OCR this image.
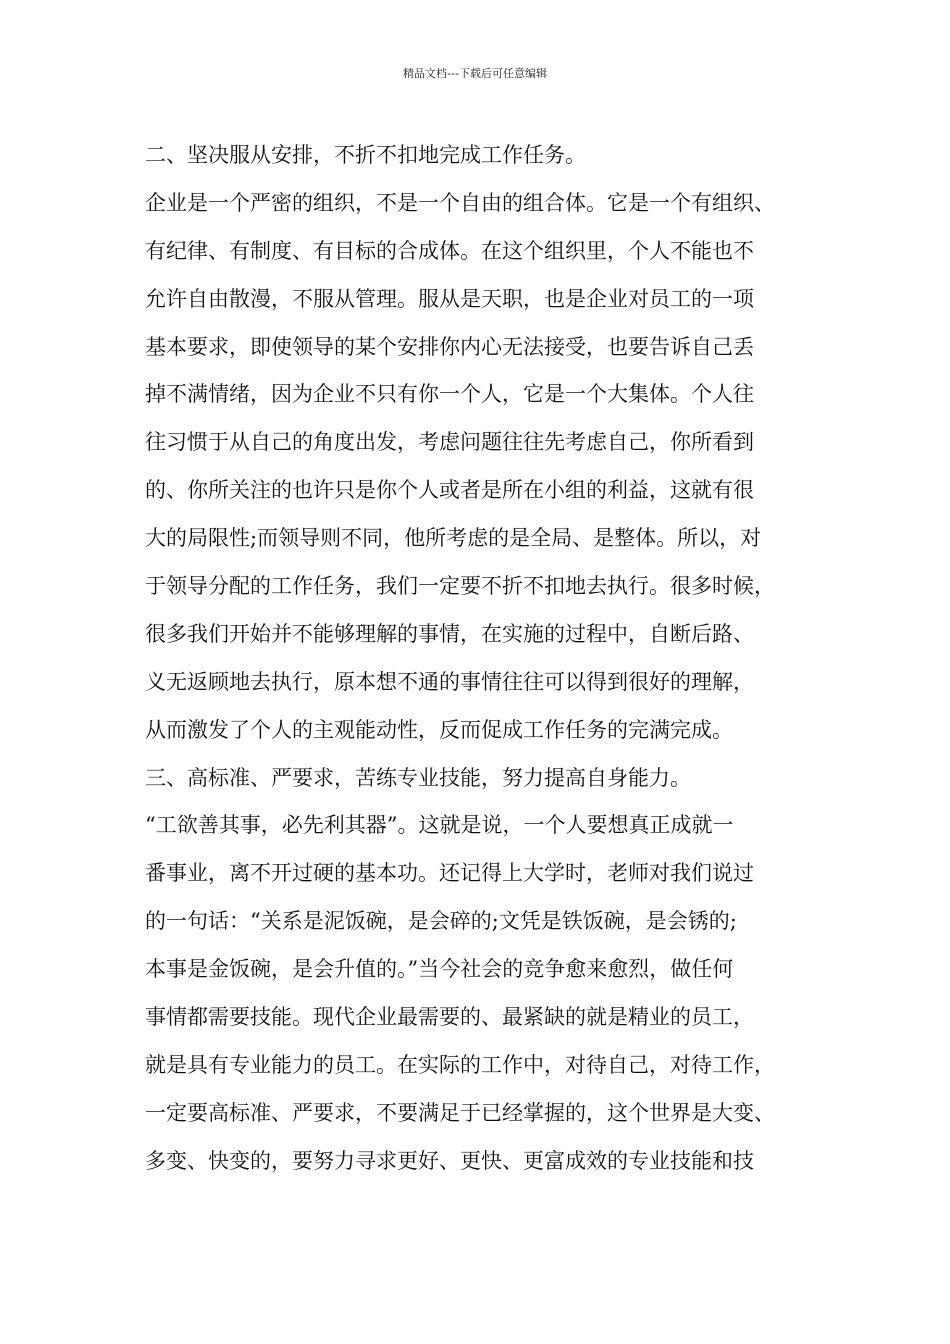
精品文档---下载后可任意编辑
二、坚决服从安排，不折不扣地完成工作任务。
企业是一个严密的组织，不是一个自由的组合体。它是一个有组织、
有纪律、有制度、有目标的合成体。在这个组织里，个人不能也不
允许自由散漫，不服从管理。服从是天职，也是企业对员工的一项
基本要求，即使领导的某个安排你内心无法接受，也要告诉自己丢
掉不满情绪，因为企业不只有你一个人，它是一个大集体。个人往
往习惯于从自己的角度出发，考虑问题往往先考虑自己，你所看到
的、你所关注的也许只是你个人或者是所在小组的利益，这就有很
大的局限性;而领导则不同，他所考虑的是全局、是整体。所以，对
于领导分配的工作任务，我们一定要不折不扣地去执行。很多时候，
很多我们开始并不能够理解的事情，在实施的过程中，自断后路、
义无返顾地去执行，原本想不通的事情往往可以得到很好的理解，
从而激发了个人的主观能动性，反而促成工作任务的完满完成。
三、高标准、严要求，苦练专业技能，努力提高自身能力。
“工欲善其事，必先利其器”。这就是说，一个人要想真正成就一
番事业，离不开过硬的基本功。还记得上大学时，老师对我们说过
的一句话：“关系是泥饭碗，是会碎的;文凭是铁饭碗，是会锈的;
本事是金饭碗，是会升值的。”当今社会的竞争愈来愈烈，做任何
事情都需要技能。现代企业最需要的、最紧缺的就是精业的员工，
就是具有专业能力的员工。在实际的工作中，对待自己，对待工作，
一定要高标准、严要求，不要满足于已经掌握的，这个世界是大变、
多变、快变的，要努力寻求更好、更快、更富成效的专业技能和技
